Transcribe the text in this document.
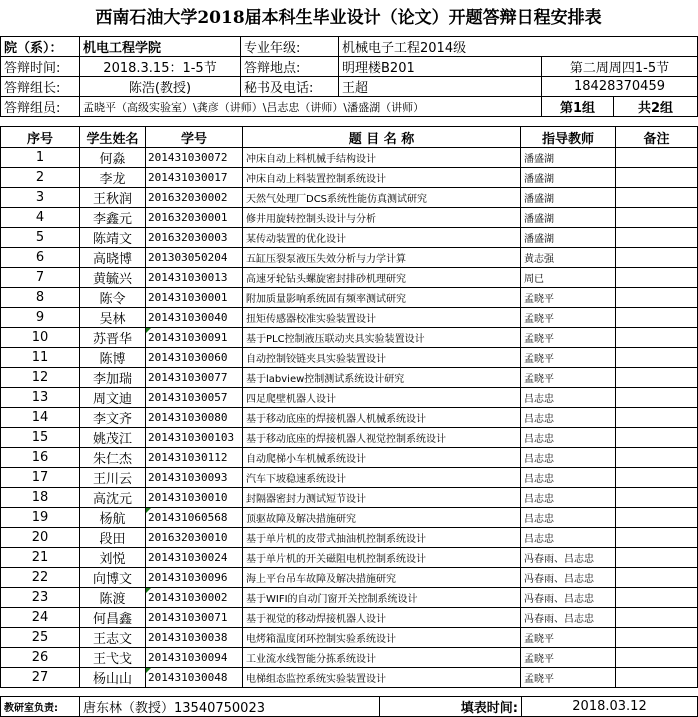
西南石油大学2018届本科生毕业设计（论文）开题答辩日程安排表
院（系）：	机电工程学院	专业年级:	机械电子工程2014级		
答辩时间:	2018.3.15：1-5节	答辩地点:	明理楼B201	第二周周四1-5节	
答辩组长:	陈浩(教授)	秘书及电话:	王超	18428370459	
答辩组员:	孟晓平（高级实验室）\龚彦（讲师）\吕志忠（讲师）\潘盛湖（讲师）			第1组	共2组
序号	学生姓名	学号	题 目 名 称	指导教师	备注
1	何淼	201431030072	冲床自动上料机械手结构设计	潘盛湖	
2	李龙	201431030017	冲床自动上料装置控制系统设计	潘盛湖	
3	王秋润	201632030002	天然气处理厂DCS系统性能仿真测试研究	潘盛湖	
4	李鑫元	201632030001	修井用旋转控制头设计与分析	潘盛湖	
5	陈靖文	201632030003	某传动装置的优化设计	潘盛湖	
6	高晓博	201303050204	五缸压裂泵液压失效分析与力学计算	黄志强	
7	黄毓兴	201431030013	高速牙轮钻头螺旋密封排砂机理研究	周已	
8	陈令	201431030001	附加质量影响系统固有频率测试研究	孟晓平	
9	吴林	201431030040	扭矩传感器校准实验装置设计	孟晓平	
10	苏晋华	201431030091	基于PLC控制液压联动夹具实验装置设计	孟晓平	
11	陈博	201431030060	自动控制铰链夹具实验装置设计	孟晓平	
12	李加瑞	201431030077	基于labview控制测试系统设计研究	孟晓平	
13	周文迪	201431030057	四足爬壁机器人设计	吕志忠	
14	李文齐	201431030080	基于移动底座的焊接机器人机械系统设计	吕志忠	
15	姚茂江	2014310300103	基于移动底座的焊接机器人视觉控制系统设计	吕志忠	
16	朱仁杰	201431030112	自动爬梯小车机械系统设计	吕志忠	
17	王川云	201431030093	汽车下坡稳速系统设计	吕志忠	
18	高沈元	201431030010	封隔器密封力测试短节设计	吕志忠	
19	杨航	201431060568	顶驱故障及解决措施研究	吕志忠	
20	段田	201632030010	基于单片机的皮带式抽油机控制系统设计	吕志忠	
21	刘悦	201431030024	基于单片机的开关磁阻电机控制系统设计	冯春雨、吕志忠	
22	向博文	201431030096	海上平台吊车故障及解决措施研究	冯春雨、吕志忠	
23	陈渡	201431030002	基于WIFI的自动门窗开关控制系统设计	冯春雨、吕志忠	
24	何昌鑫	201431030071	基于视觉的移动焊接机器人设计	冯春雨、吕志忠	
25	王志文	201431030038	电烤箱温度闭环控制实验系统设计	孟晓平	
26	王弋戈	201431030094	工业流水线智能分拣系统设计	孟晓平	
27	杨山山	201431030048	电梯组态监控系统实验装置设计	孟晓平	
教研室负责:	唐东林（教授）13540750023	填表时间:	2018.03.12
